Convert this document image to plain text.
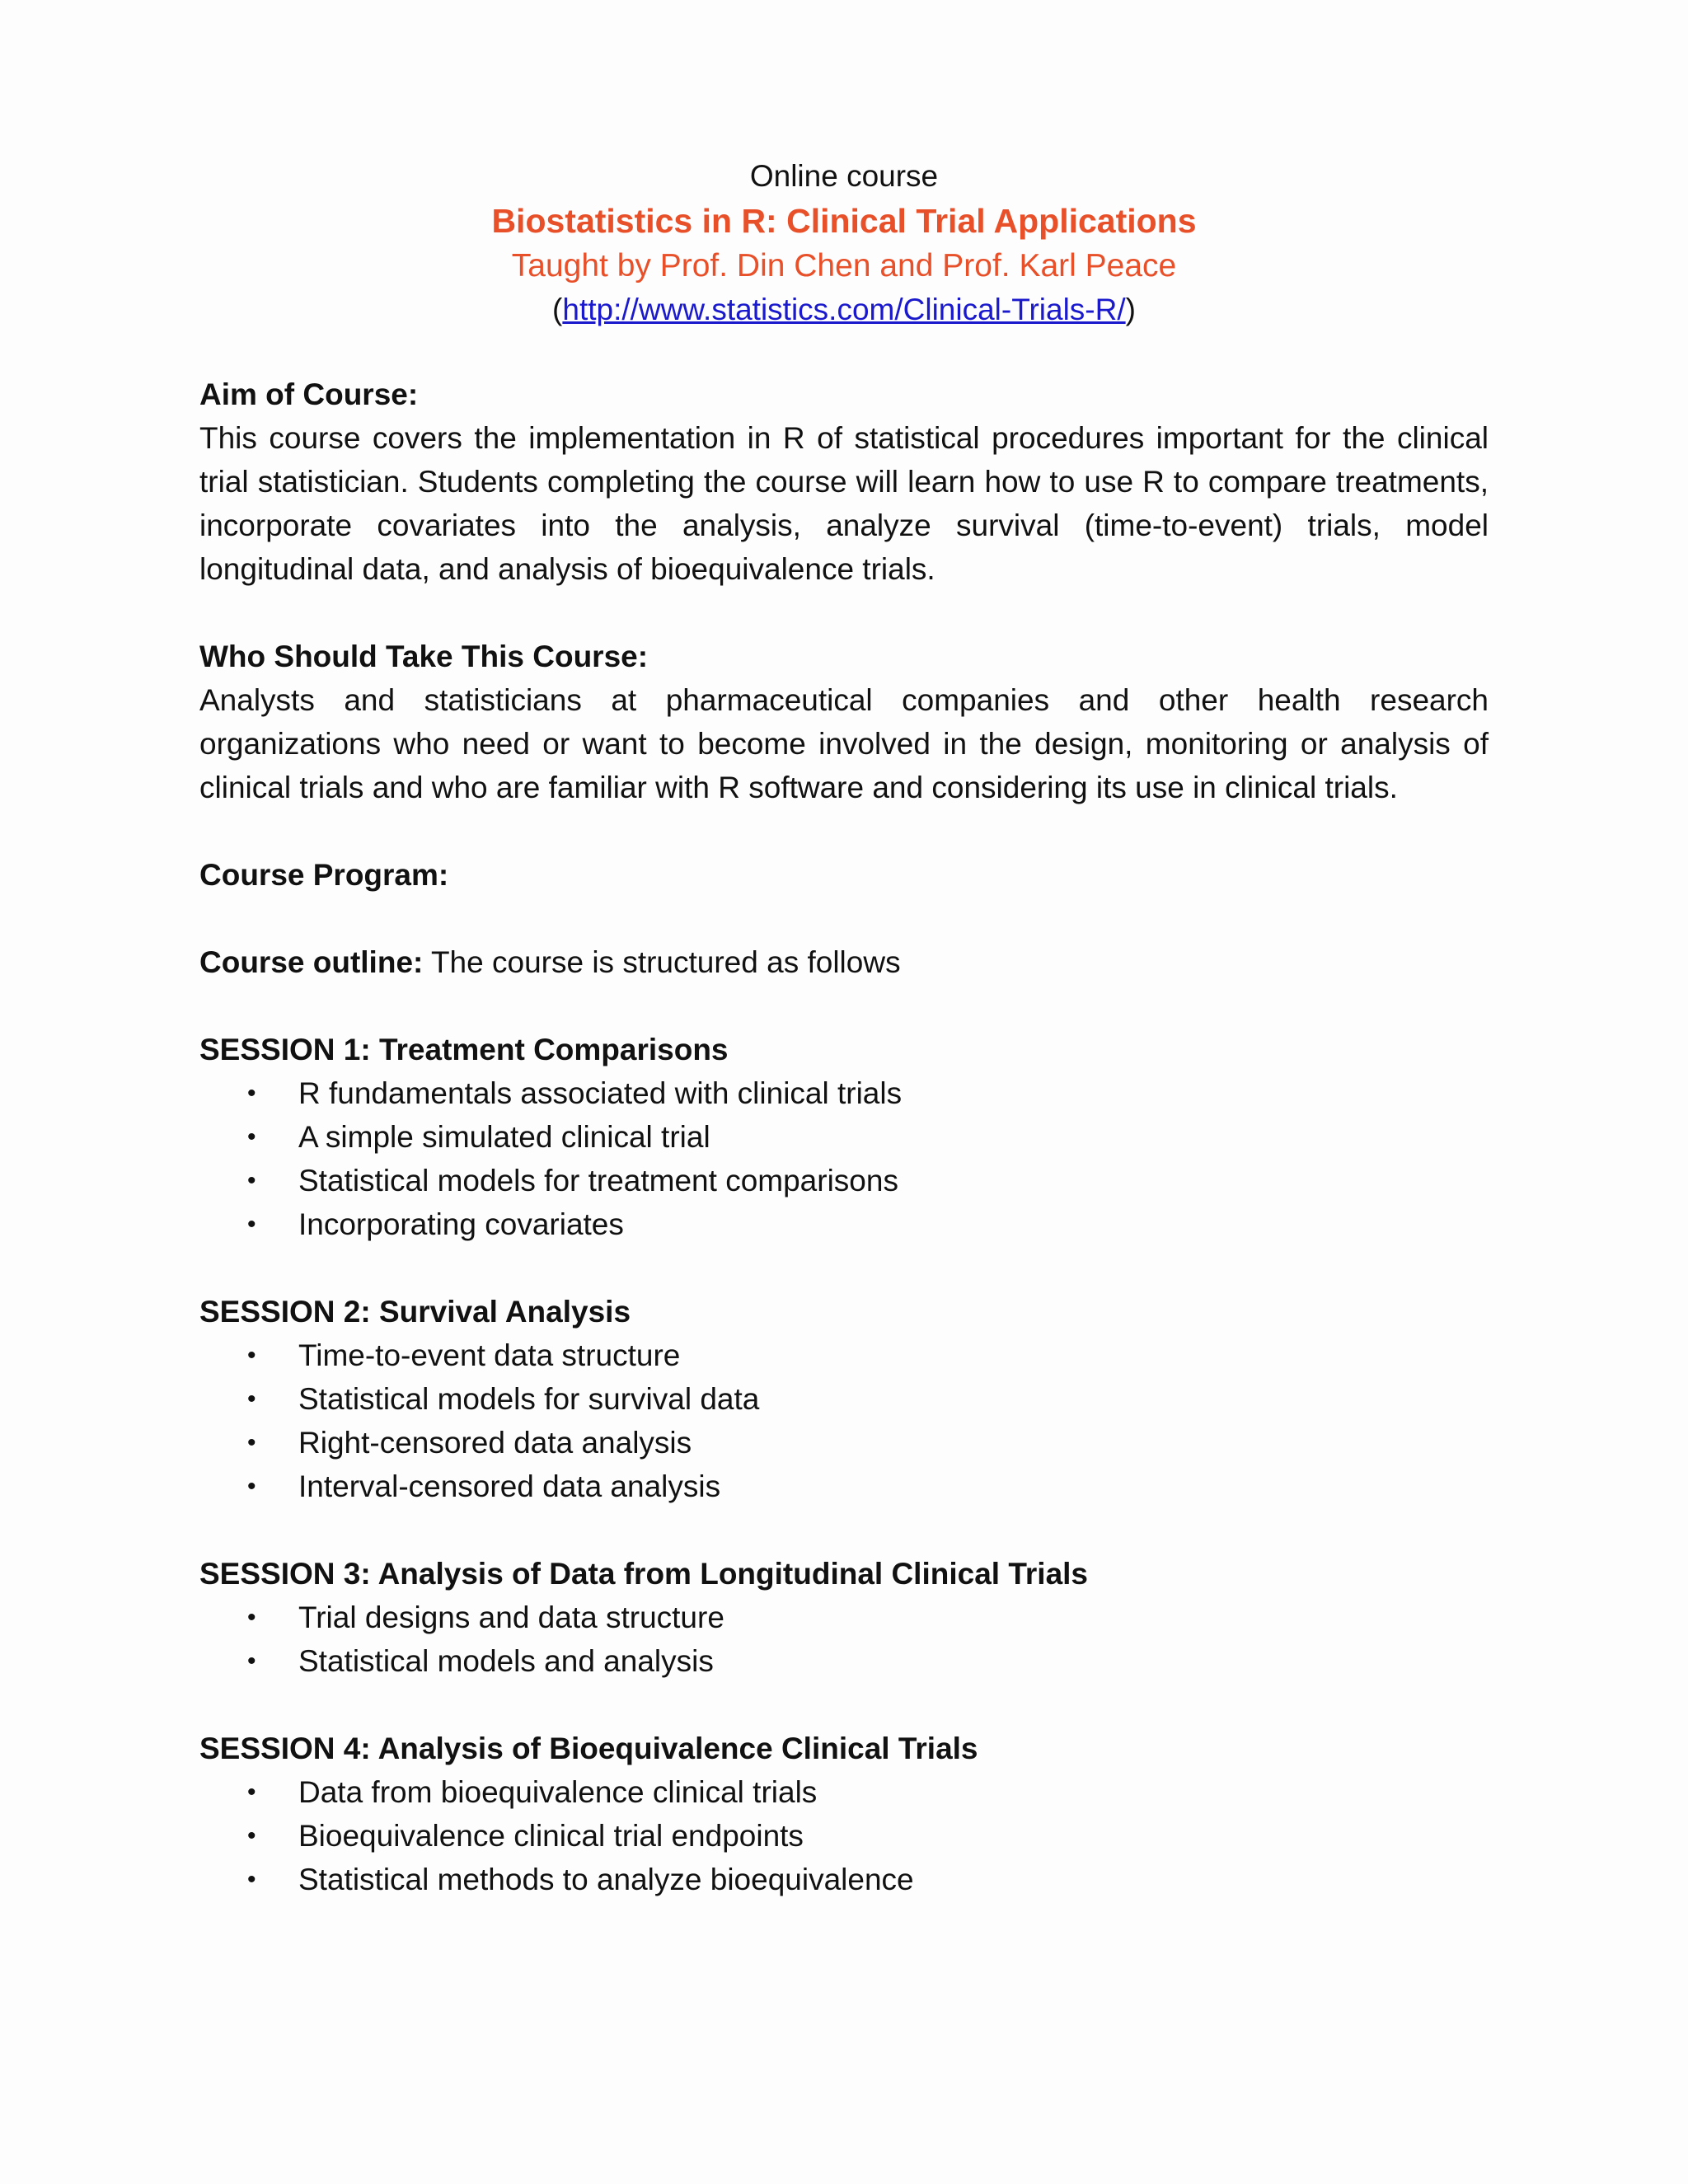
Online course
Biostatistics in R: Clinical Trial Applications
Taught by Prof. Din Chen and Prof. Karl Peace
(http://www.statistics.com/Clinical-Trials-R/)

Aim of Course:

This course covers the implementation in R of statistical procedures important for the clinical trial statistician. Students completing the course will learn how to use R to compare treatments, incorporate covariates into the analysis, analyze survival (time-to-event) trials, model longitudinal data, and analysis of bioequivalence trials.

Who Should Take This Course:

Analysts and statisticians at pharmaceutical companies and other health research organizations who need or want to become involved in the design, monitoring or analysis of clinical trials and who are familiar with R software and considering its use in clinical trials.

Course Program:

Course outline: The course is structured as follows

SESSION 1: Treatment Comparisons

• R fundamentals associated with clinical trials
• A simple simulated clinical trial
• Statistical models for treatment comparisons
• Incorporating covariates

SESSION 2: Survival Analysis

• Time-to-event data structure
• Statistical models for survival data
• Right-censored data analysis
• Interval-censored data analysis

SESSION 3: Analysis of Data from Longitudinal Clinical Trials

• Trial designs and data structure
• Statistical models and analysis

SESSION 4: Analysis of Bioequivalence Clinical Trials

• Data from bioequivalence clinical trials
• Bioequivalence clinical trial endpoints
• Statistical methods to analyze bioequivalence
